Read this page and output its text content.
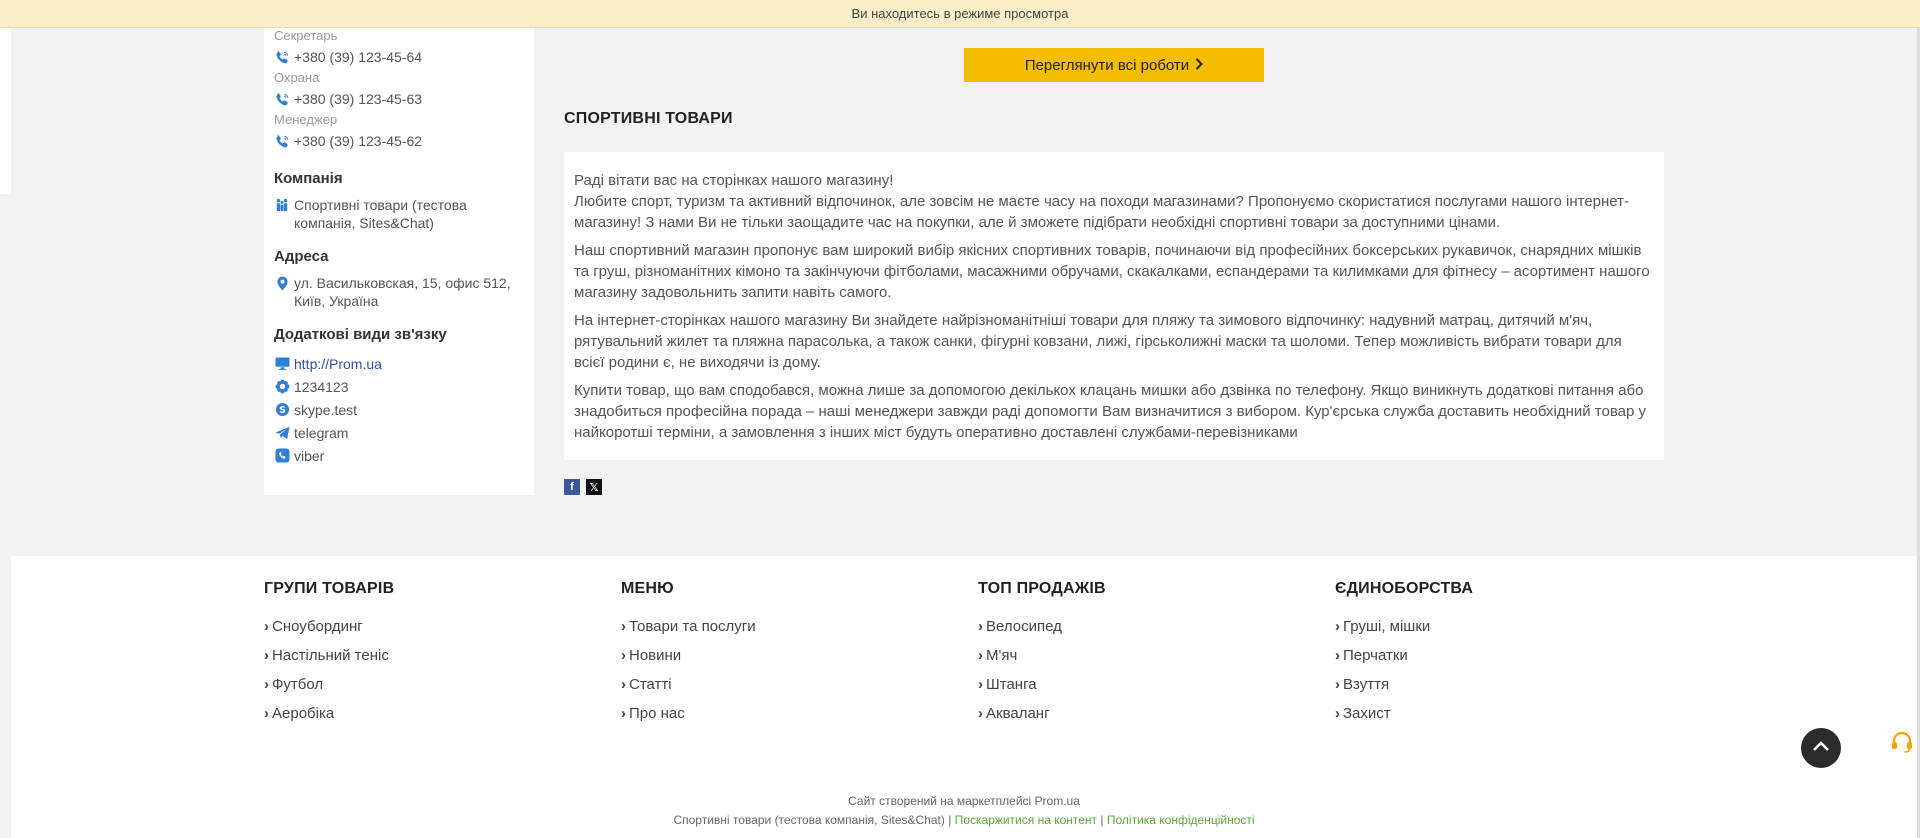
Ви находитесь в режиме просмотра
Секретарь
+380 (39) 123-45-64
Охрана
+380 (39) 123-45-63
Менеджер
+380 (39) 123-45-62
Компанія
Спортивні товари (тестова компанія, Sites&Chat)
Адреса
ул. Васильковская, 15, офис 512, Київ, Україна
Додаткові види зв'язку
http://Prom.ua
1234123
S skype.test
telegram
viber
Переглянути всі роботи
СПОРТИВНІ ТОВАРИ

Раді вітати вас на сторінках нашого магазину!
Любите спорт, туризм та активний відпочинок, але зовсім не маєте часу на походи магазинами? Пропонуємо скористатися послугами нашого інтернет-магазину! З нами Ви не тільки заощадите час на покупки, але й зможете підібрати необхідні спортивні товари за доступними цінами.

Наш спортивний магазин пропонує вам широкий вибір якісних спортивних товарів, починаючи від професійних боксерських рукавичок, снарядних мішків та груш, різноманітних кімоно та закінчуючи фітболами, масажними обручами, скакалками, еспандерами та килимками для фітнесу – асортимент нашого магазину задовольнить запити навіть самого.

На інтернет-сторінках нашого магазину Ви знайдете найрізноманітніші товари для пляжу та зимового відпочинку: надувний матрац, дитячий м'яч, рятувальний жилет та пляжна парасолька, а також санки, фігурні ковзани, лижі, гірськолижні маски та шоломи. Тепер можливість вибрати товари для всієї родини є, не виходячи із дому.

Купити товар, що вам сподобався, можна лише за допомогою декількох клацань мишки або дзвінка по телефону. Якщо виникнуть додаткові питання або знадобиться професійна порада – наші менеджери завжди раді допомогти Вам визначитися з вибором. Кур'єрська служба доставить необхідний товар у найкоротші терміни, а замовлення з інших міст будуть оперативно доставлені службами-перевізниками

f	𝕏
ГРУПИ ТОВАРІВ
› Сноубординг
› Настільний теніс
› Футбол
› Аеробіка
МЕНЮ
› Товари та послуги
› Новини
› Статті
› Про нас
ТОП ПРОДАЖІВ
› Велосипед
› М'яч
› Штанга
› Акваланг
ЄДИНОБОРСТВА
› Груші, мішки
› Перчатки
› Взуття
› Захист
Сайт створений на маркетплейсі Prom.ua
Спортивні товари (тестова компанія, Sites&Chat) | Поскаржитися на контент | Політика конфіденційності
